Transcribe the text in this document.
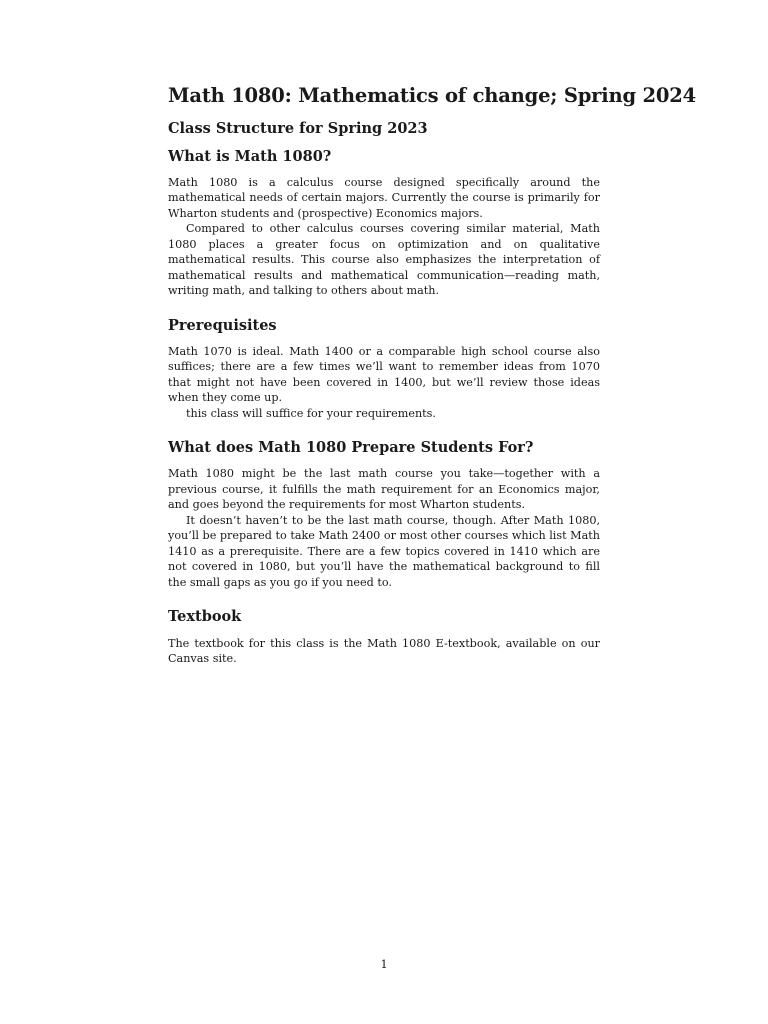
Math 1080: Mathematics of change; Spring 2024
Class Structure for Spring 2023
What is Math 1080?

Math 1080 is a calculus course designed specifically around the mathematical needs of certain majors. Currently the course is primarily for Wharton students and (prospective) Economics majors.

Compared to other calculus courses covering similar material, Math 1080 places a greater focus on optimization and on qualitative mathematical results. This course also emphasizes the interpretation of mathematical results and mathematical communication—reading math, writing math, and talking to others about math.

Prerequisites

Math 1070 is ideal. Math 1400 or a comparable high school course also suffices; there are a few times we’ll want to remember ideas from 1070 that might not have been covered in 1400, but we’ll review those ideas when they come up.

this class will suffice for your requirements.

What does Math 1080 Prepare Students For?

Math 1080 might be the last math course you take—together with a previous course, it fulfills the math requirement for an Economics major, and goes beyond the requirements for most Wharton students.

It doesn’t haven’t to be the last math course, though. After Math 1080, you’ll be prepared to take Math 2400 or most other courses which list Math 1410 as a prerequisite. There are a few topics covered in 1410 which are not covered in 1080, but you’ll have the mathematical background to fill the small gaps as you go if you need to.

Textbook

The textbook for this class is the Math 1080 E-textbook, available on our Canvas site.

1
